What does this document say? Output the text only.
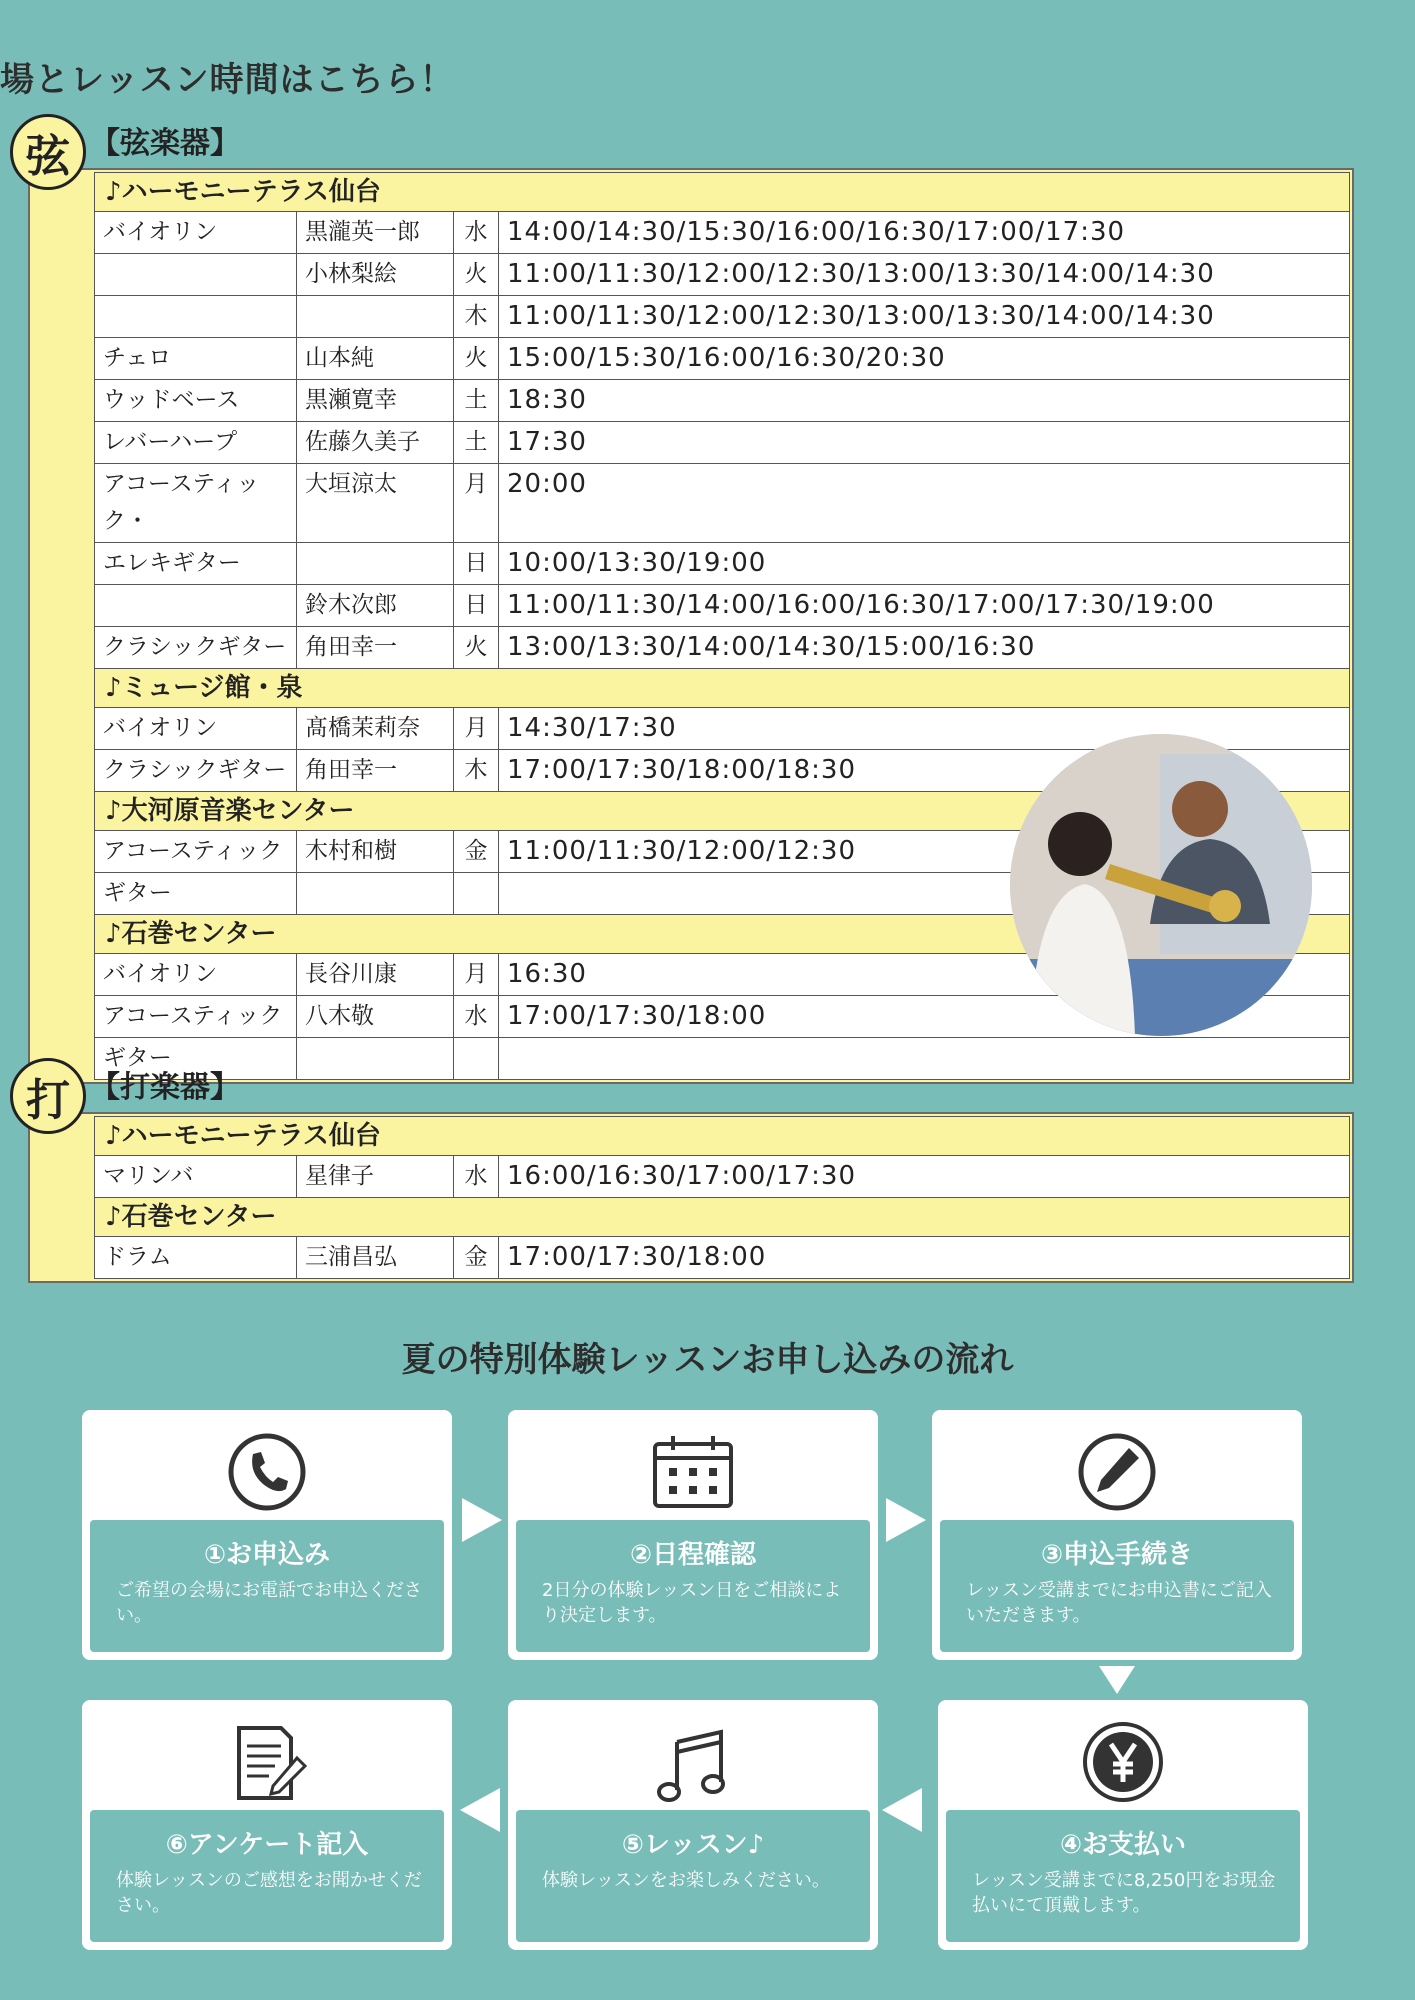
場とレッスン時間はこちら！
弦 【弦楽器】
♪ハーモニーテラス仙台			
バイオリン	黒瀧英一郎	水	14:00/14:30/15:30/16:00/16:30/17:00/17:30
	小林梨絵	火	11:00/11:30/12:00/12:30/13:00/13:30/14:00/14:30
		木	11:00/11:30/12:00/12:30/13:00/13:30/14:00/14:30
チェロ	山本純	火	15:00/15:30/16:00/16:30/20:30
ウッドベース	黒瀬寛幸	土	18:30
レバーハープ	佐藤久美子	土	17:30
アコースティック・	大垣涼太	月	20:00
エレキギター		日	10:00/13:30/19:00
	鈴木次郎	日	11:00/11:30/14:00/16:00/16:30/17:00/17:30/19:00
クラシックギター	角田幸一	火	13:00/13:30/14:00/14:30/15:00/16:30
♪ミュージ館・泉			
バイオリン	髙橋茉莉奈	月	14:30/17:30
クラシックギター	角田幸一	木	17:00/17:30/18:00/18:30
♪大河原音楽センター			
アコースティック	木村和樹	金	11:00/11:30/12:00/12:30
ギター			
♪石巻センター			
バイオリン	長谷川康	月	16:30
アコースティック	八木敬	水	17:00/17:30/18:00
ギター			
打 【打楽器】
♪ハーモニーテラス仙台			
マリンバ	星律子	水	16:00/16:30/17:00/17:30
♪石巻センター			
ドラム	三浦昌弘	金	17:00/17:30/18:00
夏の特別体験レッスンお申し込みの流れ
①お申込み
ご希望の会場にお電話でお申込ください。
②日程確認
2日分の体験レッスン日をご相談により決定します。
③申込手続き
レッスン受講までにお申込書にご記入いただきます。
④お支払い
レッスン受講までに8,250円をお現金払いにて頂戴します。
⑤レッスン♪
体験レッスンをお楽しみください。
⑥アンケート記入
体験レッスンのご感想をお聞かせください。
